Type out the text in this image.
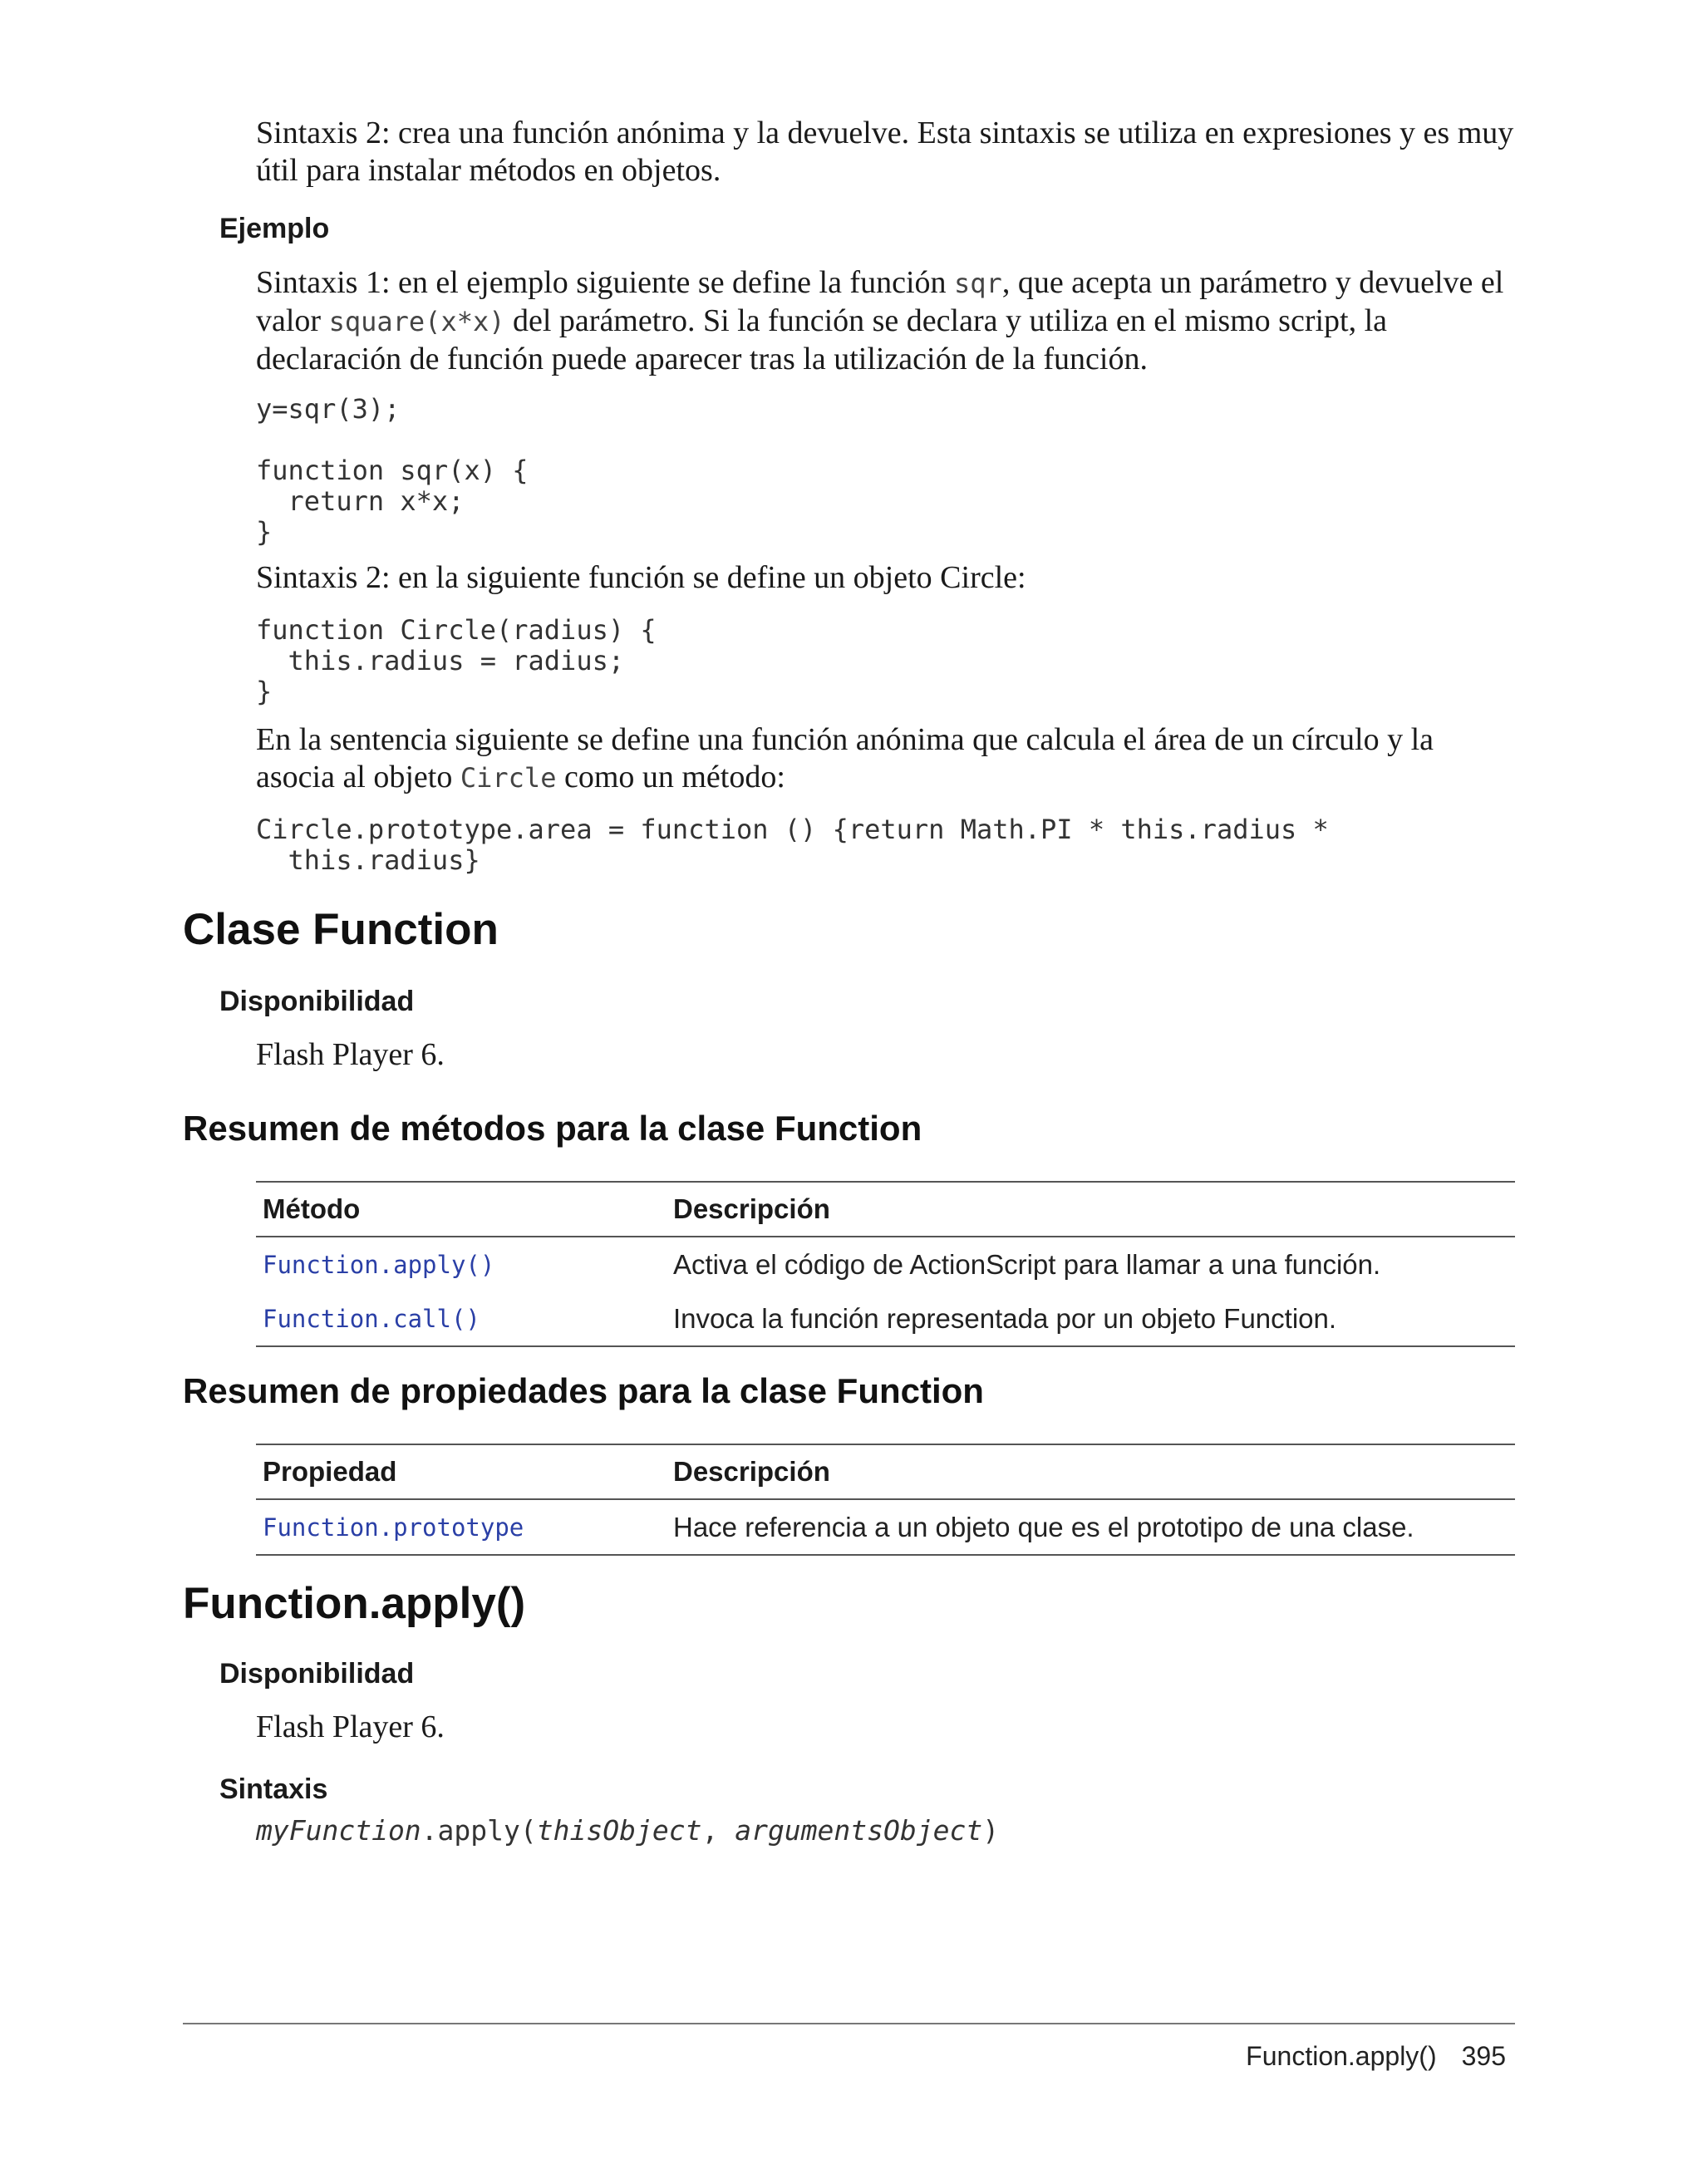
Sintaxis 2: crea una función anónima y la devuelve. Esta sintaxis se utiliza en expresiones y es muy útil para instalar métodos en objetos.

Ejemplo

Sintaxis 1: en el ejemplo siguiente se define la función sqr, que acepta un parámetro y devuelve el valor square(x*x) del parámetro. Si la función se declara y utiliza en el mismo script, la declaración de función puede aparecer tras la utilización de la función.

y=sqr(3);

function sqr(x) {
return x*x;
}

Sintaxis 2: en la siguiente función se define un objeto Circle:

function Circle(radius) {
this.radius = radius;
}

En la sentencia siguiente se define una función anónima que calcula el área de un círculo y la asocia al objeto Circle como un método:

Circle.prototype.area = function () {return Math.PI * this.radius *
this.radius}
Clase Function
Disponibilidad

Flash Player 6.

Resumen de métodos para la clase Function
Método	Descripción
Function.apply()	Activa el código de ActionScript para llamar a una función.
Function.call()	Invoca la función representada por un objeto Function.
Resumen de propiedades para la clase Function
Propiedad	Descripción
Function.prototype	Hace referencia a un objeto que es el prototipo de una clase.
Function.apply()
Disponibilidad

Flash Player 6.

Sintaxis

myFunction.apply(thisObject, argumentsObject)

Function.apply() 395
